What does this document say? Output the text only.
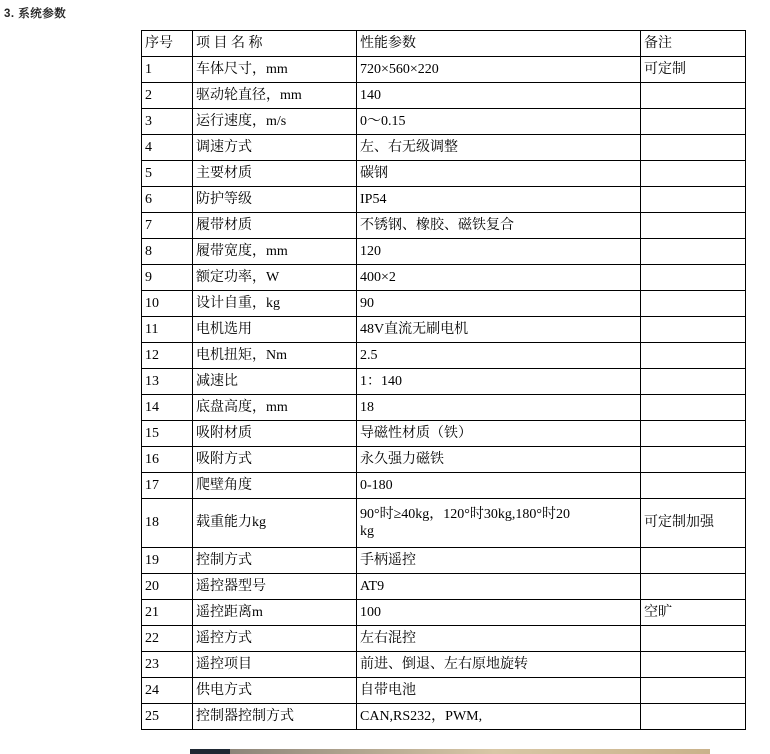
3. 系统参数
序号	项 目 名 称	性能参数	备注
1	车体尺寸，mm	720×560×220	可定制
2	驱动轮直径，mm	140	
3	运行速度，m/s	0～0.15	
4	调速方式	左、右无级调整	
5	主要材质	碳钢	
6	防护等级	IP54	
7	履带材质	不锈钢、橡胶、磁铁复合	
8	履带宽度，mm	120	
9	额定功率，W	400×2	
10	设计自重，kg	90	
11	电机选用	48V直流无刷电机	
12	电机扭矩，Nm	2.5	
13	减速比	1：140	
14	底盘高度，mm	18	
15	吸附材质	导磁性材质（铁）	
16	吸附方式	永久强力磁铁	
17	爬壁角度	0-180	
18	载重能力kg	90°时≥40kg，120°时30kg,180°时20kg	可定制加强
19	控制方式	手柄遥控	
20	遥控器型号	AT9	
21	遥控距离m	100	空旷
22	遥控方式	左右混控	
23	遥控项目	前进、倒退、左右原地旋转	
24	供电方式	自带电池	
25	控制器控制方式	CAN,RS232，PWM,	
